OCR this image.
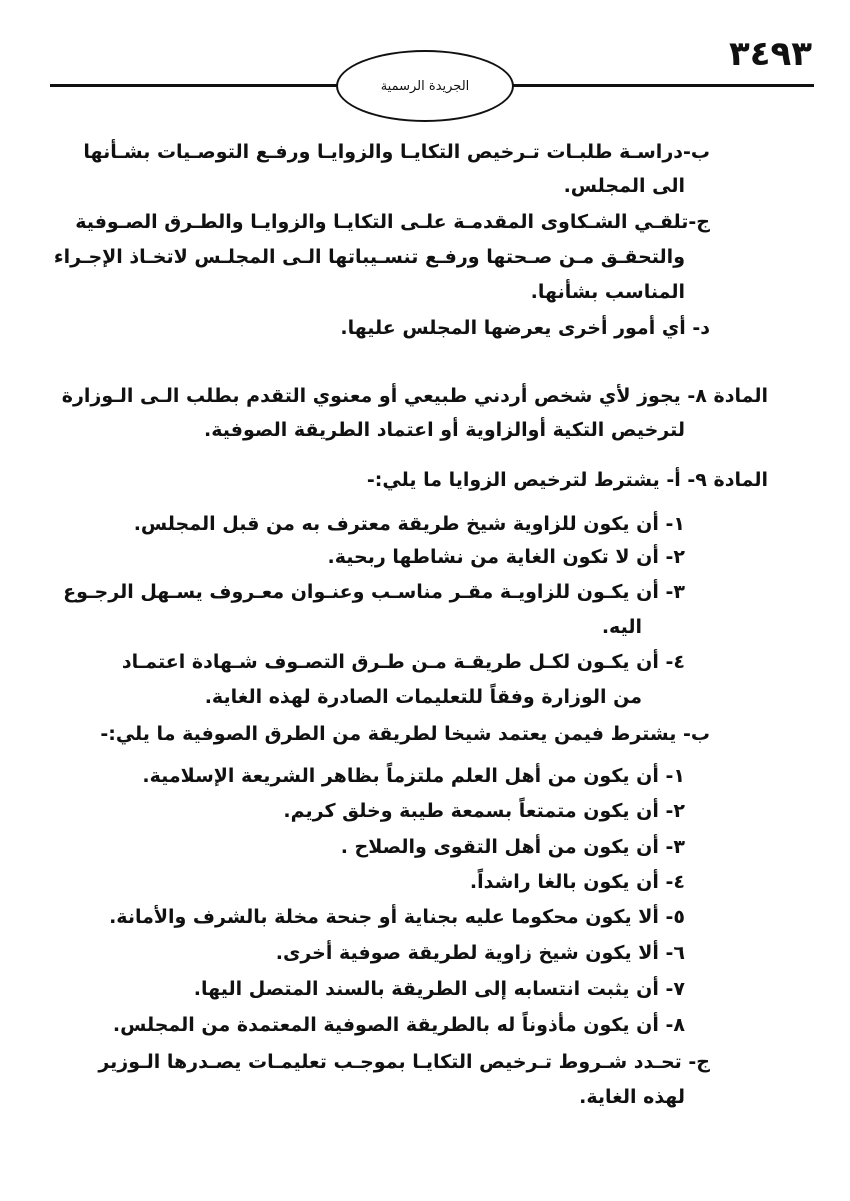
٣٤٩٣
الجريدة الرسمية
ب-دراسـة طلبـات تـرخيص التكايـا والزوايـا ورفـع التوصـيات بشـأنها
الى المجلس.
ج-تلقـي الشـكاوى المقدمـة علـى التكايـا والزوايـا والطـرق الصـوفية
والتحقـق مـن صـحتها ورفـع تنسـيباتها الـى المجلـس لاتخـاذ الإجـراء
المناسب بشأنها.
د- أي أمور أخرى يعرضها المجلس عليها.
المادة ٨- يجوز لأي شخص أردني طبيعي أو معنوي التقدم بطلب الـى الـوزارة
لترخيص التكية أوالزاوية أو اعتماد الطريقة الصوفية.
المادة ٩- أ- يشترط لترخيص الزوايا ما يلي:-
١- أن يكون للزاوية شيخ طريقة معترف به من قبل المجلس.
٢- أن لا تكون الغاية من نشاطها ربحية.
٣- أن يكـون للزاويـة مقـر مناسـب وعنـوان معـروف يسـهل الرجـوع
اليه.
٤- أن يكـون لكـل طريقـة مـن طـرق التصـوف شـهادة اعتمـاد
من الوزارة وفقاً للتعليمات الصادرة لهذه الغاية.
ب- يشترط فيمن يعتمد شيخا لطريقة من الطرق الصوفية ما يلي:-
١- أن يكون من أهل العلم ملتزماً بظاهر الشريعة الإسلامية.
٢- أن يكون متمتعاً بسمعة طيبة وخلق كريم.
٣- أن يكون من أهل التقوى والصلاح .
٤- أن يكون بالغا راشداً.
٥- ألا يكون محكوما عليه بجناية أو جنحة مخلة بالشرف والأمانة.
٦- ألا يكون شيخ زاوية لطريقة صوفية أخرى.
٧- أن يثبت انتسابه إلى الطريقة بالسند المتصل اليها.
٨- أن يكون مأذوناً له بالطريقة الصوفية المعتمدة من المجلس.
ج- تحـدد شـروط تـرخيص التكايـا بموجـب تعليمـات يصـدرها الـوزير
لهذه الغاية.
